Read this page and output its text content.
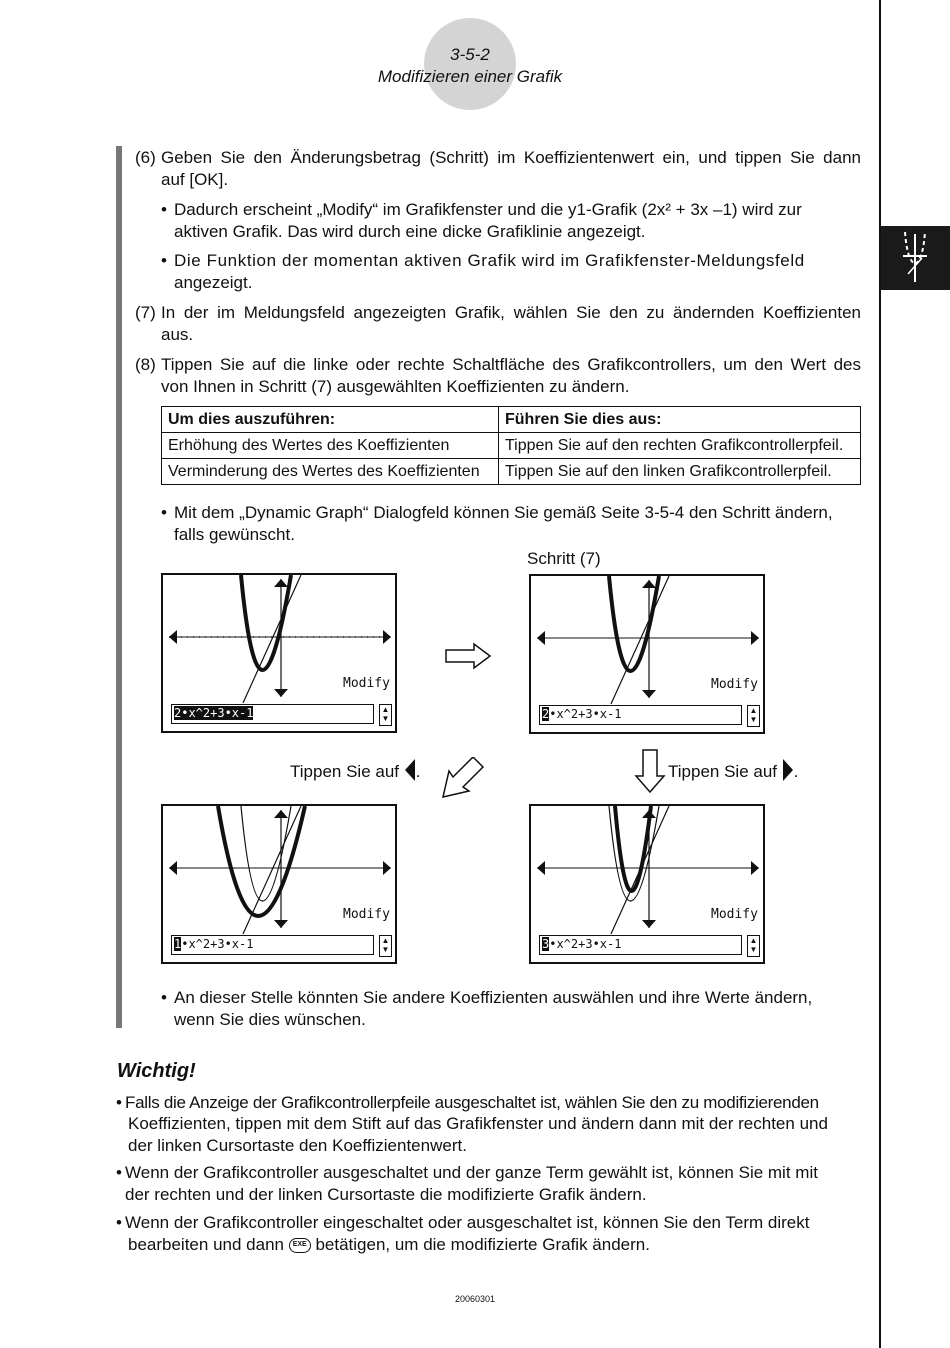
3-5-2
Modifizieren einer Grafik
(6) Geben Sie den Änderungsbetrag (Schritt) im Koeffizientenwert ein, und tippen Sie dann
auf [OK].
• Dadurch erscheint „Modify“ im Grafikfenster und die y1-Grafik (2x² + 3x –1) wird zur
aktiven Grafik. Das wird durch eine dicke Grafiklinie angezeigt.
• Die Funktion der momentan aktiven Grafik wird im Grafikfenster-Meldungsfeld
angezeigt.
(7) In der im Meldungsfeld angezeigten Grafik, wählen Sie den zu ändernden Koeffizienten
aus.
(8) Tippen Sie auf die linke oder rechte Schaltfläche des Grafikcontrollers, um den Wert des
von Ihnen in Schritt (7) ausgewählten Koeffizienten zu ändern.
Um dies auszuführen:	Führen Sie dies aus:
Erhöhung des Wertes des Koeffizienten	Tippen Sie auf den rechten Grafikcontrollerpfeil.
Verminderung des Wertes des Koeffizienten	Tippen Sie auf den linken Grafikcontrollerpfeil.
• Mit dem „Dynamic Graph“ Dialogfeld können Sie gemäß Seite 3-5-4 den Schritt ändern,
falls gewünscht.
Schritt (7)
Modify
2•x^2+3•x-1	▲
▼
Modify
2•x^2+3•x-1	▲
▼
Tippen Sie auf .	Tippen Sie auf .
Modify
1•x^2+3•x-1	▲
▼
Modify
3•x^2+3•x-1	▲
▼
• An dieser Stelle könnten Sie andere Koeffizienten auswählen und ihre Werte ändern,
wenn Sie dies wünschen.
Wichtig!
• Falls die Anzeige der Grafikcontrollerpfeile ausgeschaltet ist, wählen Sie den zu modifizierenden
Koeffizienten, tippen mit dem Stift auf das Grafikfenster und ändern dann mit der rechten und
der linken Cursortaste den Koeffizientenwert.
• Wenn der Grafikcontroller ausgeschaltet und der ganze Term gewählt ist, können Sie mit mit
der rechten und der linken Cursortaste die modifizierte Grafik ändern.
• Wenn der Grafikcontroller eingeschaltet oder ausgeschaltet ist, können Sie den Term direkt
bearbeiten und dann EXE betätigen, um die modifizierte Grafik ändern.
20060301
